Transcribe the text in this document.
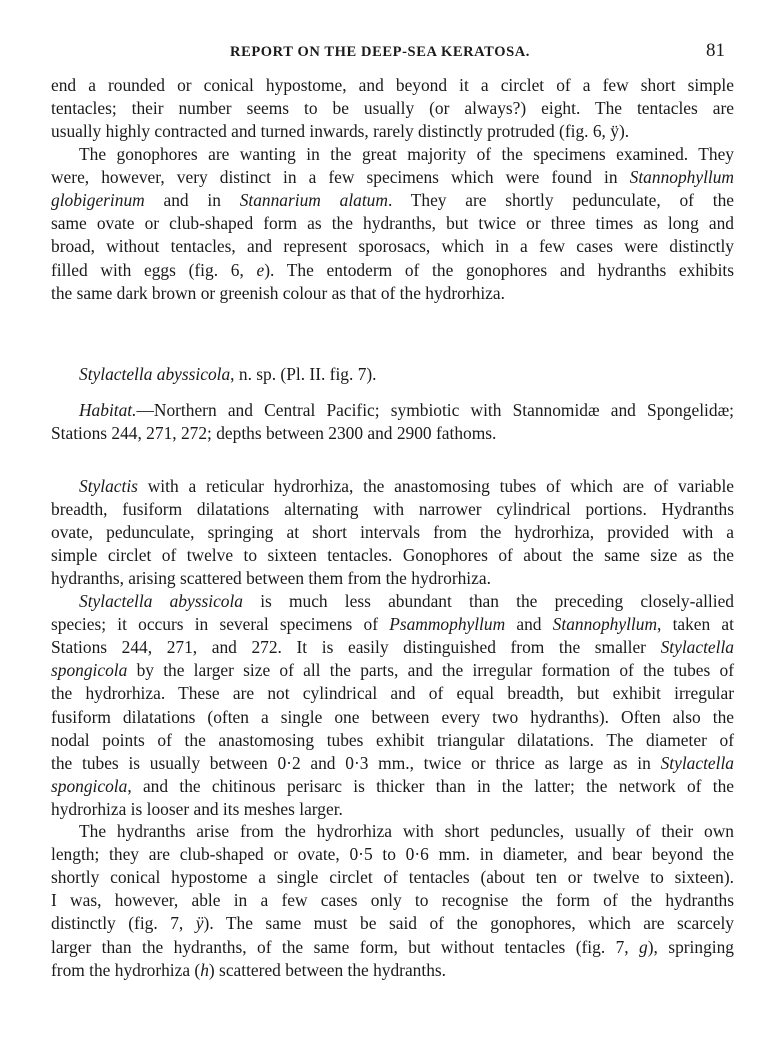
REPORT ON THE DEEP-SEA KERATOSA.	81
end a rounded or conical hypostome, and beyond it a circlet of a few short simple
tentacles; their number seems to be usually (or always?) eight. The tentacles are
usually highly contracted and turned inwards, rarely distinctly protruded (fig. 6, ÿ).
The gonophores are wanting in the great majority of the specimens examined. They
were, however, very distinct in a few specimens which were found in Stannophyllum
globigerinum and in Stannarium alatum. They are shortly pedunculate, of the
same ovate or club-shaped form as the hydranths, but twice or three times as long and
broad, without tentacles, and represent sporosacs, which in a few cases were distinctly
filled with eggs (fig. 6, e). The entoderm of the gonophores and hydranths exhibits
the same dark brown or greenish colour as that of the hydrorhiza.
Stylactella abyssicola, n. sp. (Pl. II. fig. 7).
Habitat.—Northern and Central Pacific; symbiotic with Stannomidæ and Spongelidæ;
Stations 244, 271, 272; depths between 2300 and 2900 fathoms.
Stylactis with a reticular hydrorhiza, the anastomosing tubes of which are of variable
breadth, fusiform dilatations alternating with narrower cylindrical portions. Hydranths
ovate, pedunculate, springing at short intervals from the hydrorhiza, provided with a
simple circlet of twelve to sixteen tentacles. Gonophores of about the same size as the
hydranths, arising scattered between them from the hydrorhiza.
Stylactella abyssicola is much less abundant than the preceding closely-allied
species; it occurs in several specimens of Psammophyllum and Stannophyllum, taken at
Stations 244, 271, and 272. It is easily distinguished from the smaller Stylactella
spongicola by the larger size of all the parts, and the irregular formation of the tubes of
the hydrorhiza. These are not cylindrical and of equal breadth, but exhibit irregular
fusiform dilatations (often a single one between every two hydranths). Often also the
nodal points of the anastomosing tubes exhibit triangular dilatations. The diameter of
the tubes is usually between 0·2 and 0·3 mm., twice or thrice as large as in Stylactella
spongicola, and the chitinous perisarc is thicker than in the latter; the network of the
hydrorhiza is looser and its meshes larger.
The hydranths arise from the hydrorhiza with short peduncles, usually of their own
length; they are club-shaped or ovate, 0·5 to 0·6 mm. in diameter, and bear beyond the
shortly conical hypostome a single circlet of tentacles (about ten or twelve to sixteen).
I was, however, able in a few cases only to recognise the form of the hydranths
distinctly (fig. 7, ÿ). The same must be said of the gonophores, which are scarcely
larger than the hydranths, of the same form, but without tentacles (fig. 7, g), springing
from the hydrorhiza (h) scattered between the hydranths.
